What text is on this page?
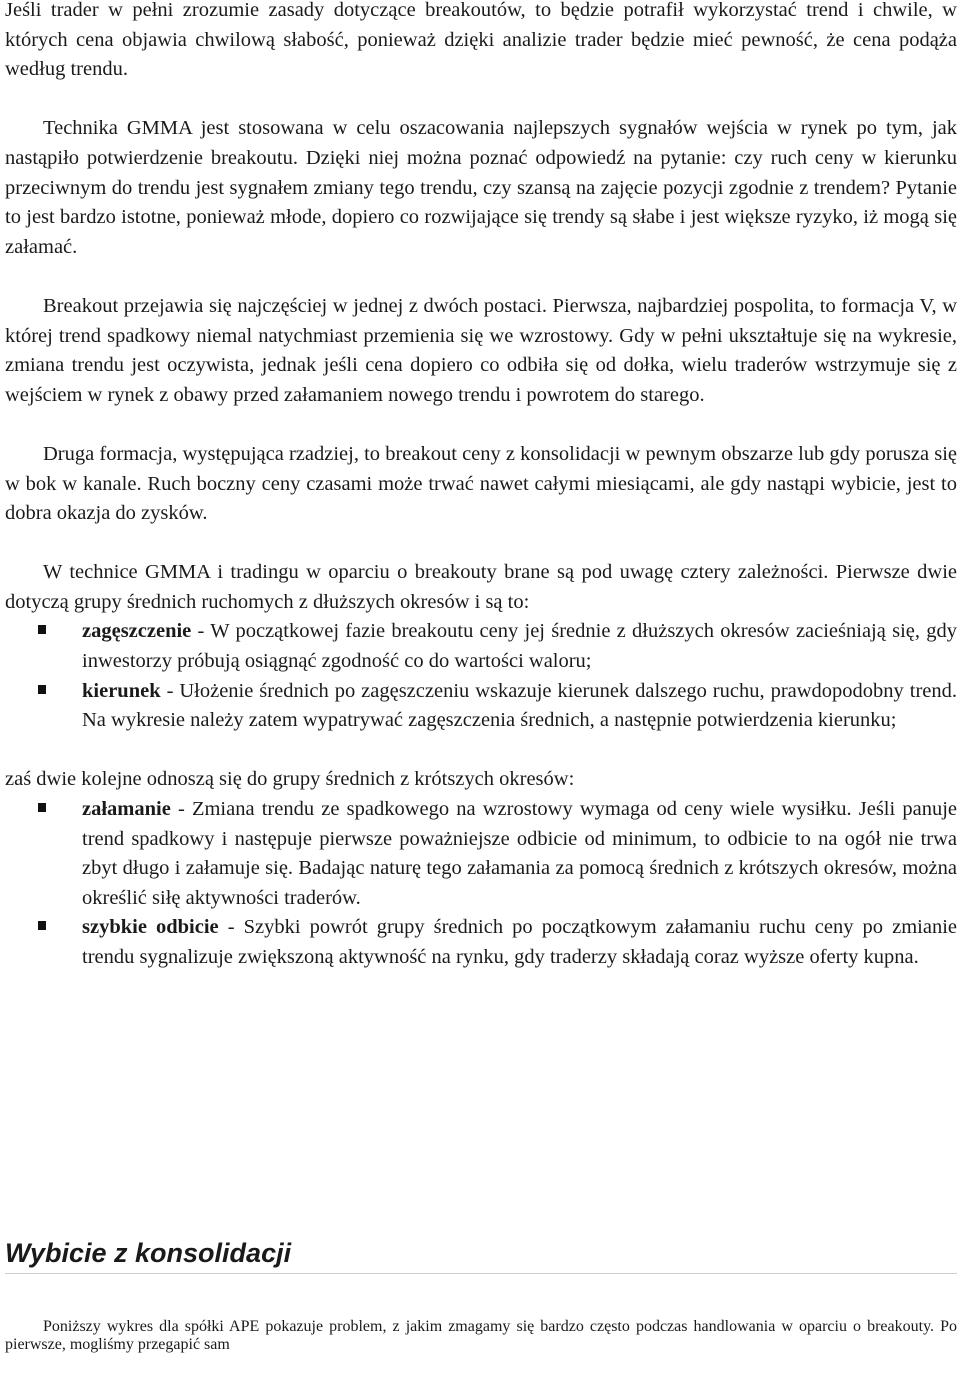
Jeśli trader w pełni zrozumie zasady dotyczące breakoutów, to będzie potrafił wykorzystać trend i chwile, w których cena objawia chwilową słabość, ponieważ dzięki analizie trader będzie mieć pewność, że cena podąża według trendu.

Technika GMMA jest stosowana w celu oszacowania najlepszych sygnałów wejścia w rynek po tym, jak nastąpiło potwierdzenie breakoutu. Dzięki niej można poznać odpowiedź na pytanie: czy ruch ceny w kierunku przeciwnym do trendu jest sygnałem zmiany tego trendu, czy szansą na zajęcie pozycji zgodnie z trendem? Pytanie to jest bardzo istotne, ponieważ młode, dopiero co rozwijające się trendy są słabe i jest większe ryzyko, iż mogą się załamać.

Breakout przejawia się najczęściej w jednej z dwóch postaci. Pierwsza, najbardziej pospolita, to formacja V, w której trend spadkowy niemal natychmiast przemienia się we wzrostowy. Gdy w pełni ukształtuje się na wykresie, zmiana trendu jest oczywista, jednak jeśli cena dopiero co odbiła się od dołka, wielu traderów wstrzymuje się z wejściem w rynek z obawy przed załamaniem nowego trendu i powrotem do starego.

Druga formacja, występująca rzadziej, to breakout ceny z konsolidacji w pewnym obszarze lub gdy porusza się w bok w kanale. Ruch boczny ceny czasami może trwać nawet całymi miesiącami, ale gdy nastąpi wybicie, jest to dobra okazja do zysków.

W technice GMMA i tradingu w oparciu o breakouty brane są pod uwagę cztery zależności. Pierwsze dwie dotyczą grupy średnich ruchomych z dłuższych okresów i są to:

zagęszczenie - W początkowej fazie breakoutu ceny jej średnie z dłuższych okresów zacieśniają się, gdy inwestorzy próbują osiągnąć zgodność co do wartości waloru;
kierunek - Ułożenie średnich po zagęszczeniu wskazuje kierunek dalszego ruchu, prawdopodobny trend. Na wykresie należy zatem wypatrywać zagęszczenia średnich, a następnie potwierdzenia kierunku;

zaś dwie kolejne odnoszą się do grupy średnich z krótszych okresów:

załamanie - Zmiana trendu ze spadkowego na wzrostowy wymaga od ceny wiele wysiłku. Jeśli panuje trend spadkowy i następuje pierwsze poważniejsze odbicie od minimum, to odbicie to na ogół nie trwa zbyt długo i załamuje się. Badając naturę tego załamania za pomocą średnich z krótszych okresów, można określić siłę aktywności traderów.
szybkie odbicie - Szybki powrót grupy średnich po początkowym załamaniu ruchu ceny po zmianie trendu sygnalizuje zwiększoną aktywność na rynku, gdy traderzy składają coraz wyższe oferty kupna.
Wybicie z konsolidacji

Poniższy wykres dla spółki APE pokazuje problem, z jakim zmagamy się bardzo często podczas handlowania w oparciu o breakouty. Po pierwsze, mogliśmy przegapić sam
